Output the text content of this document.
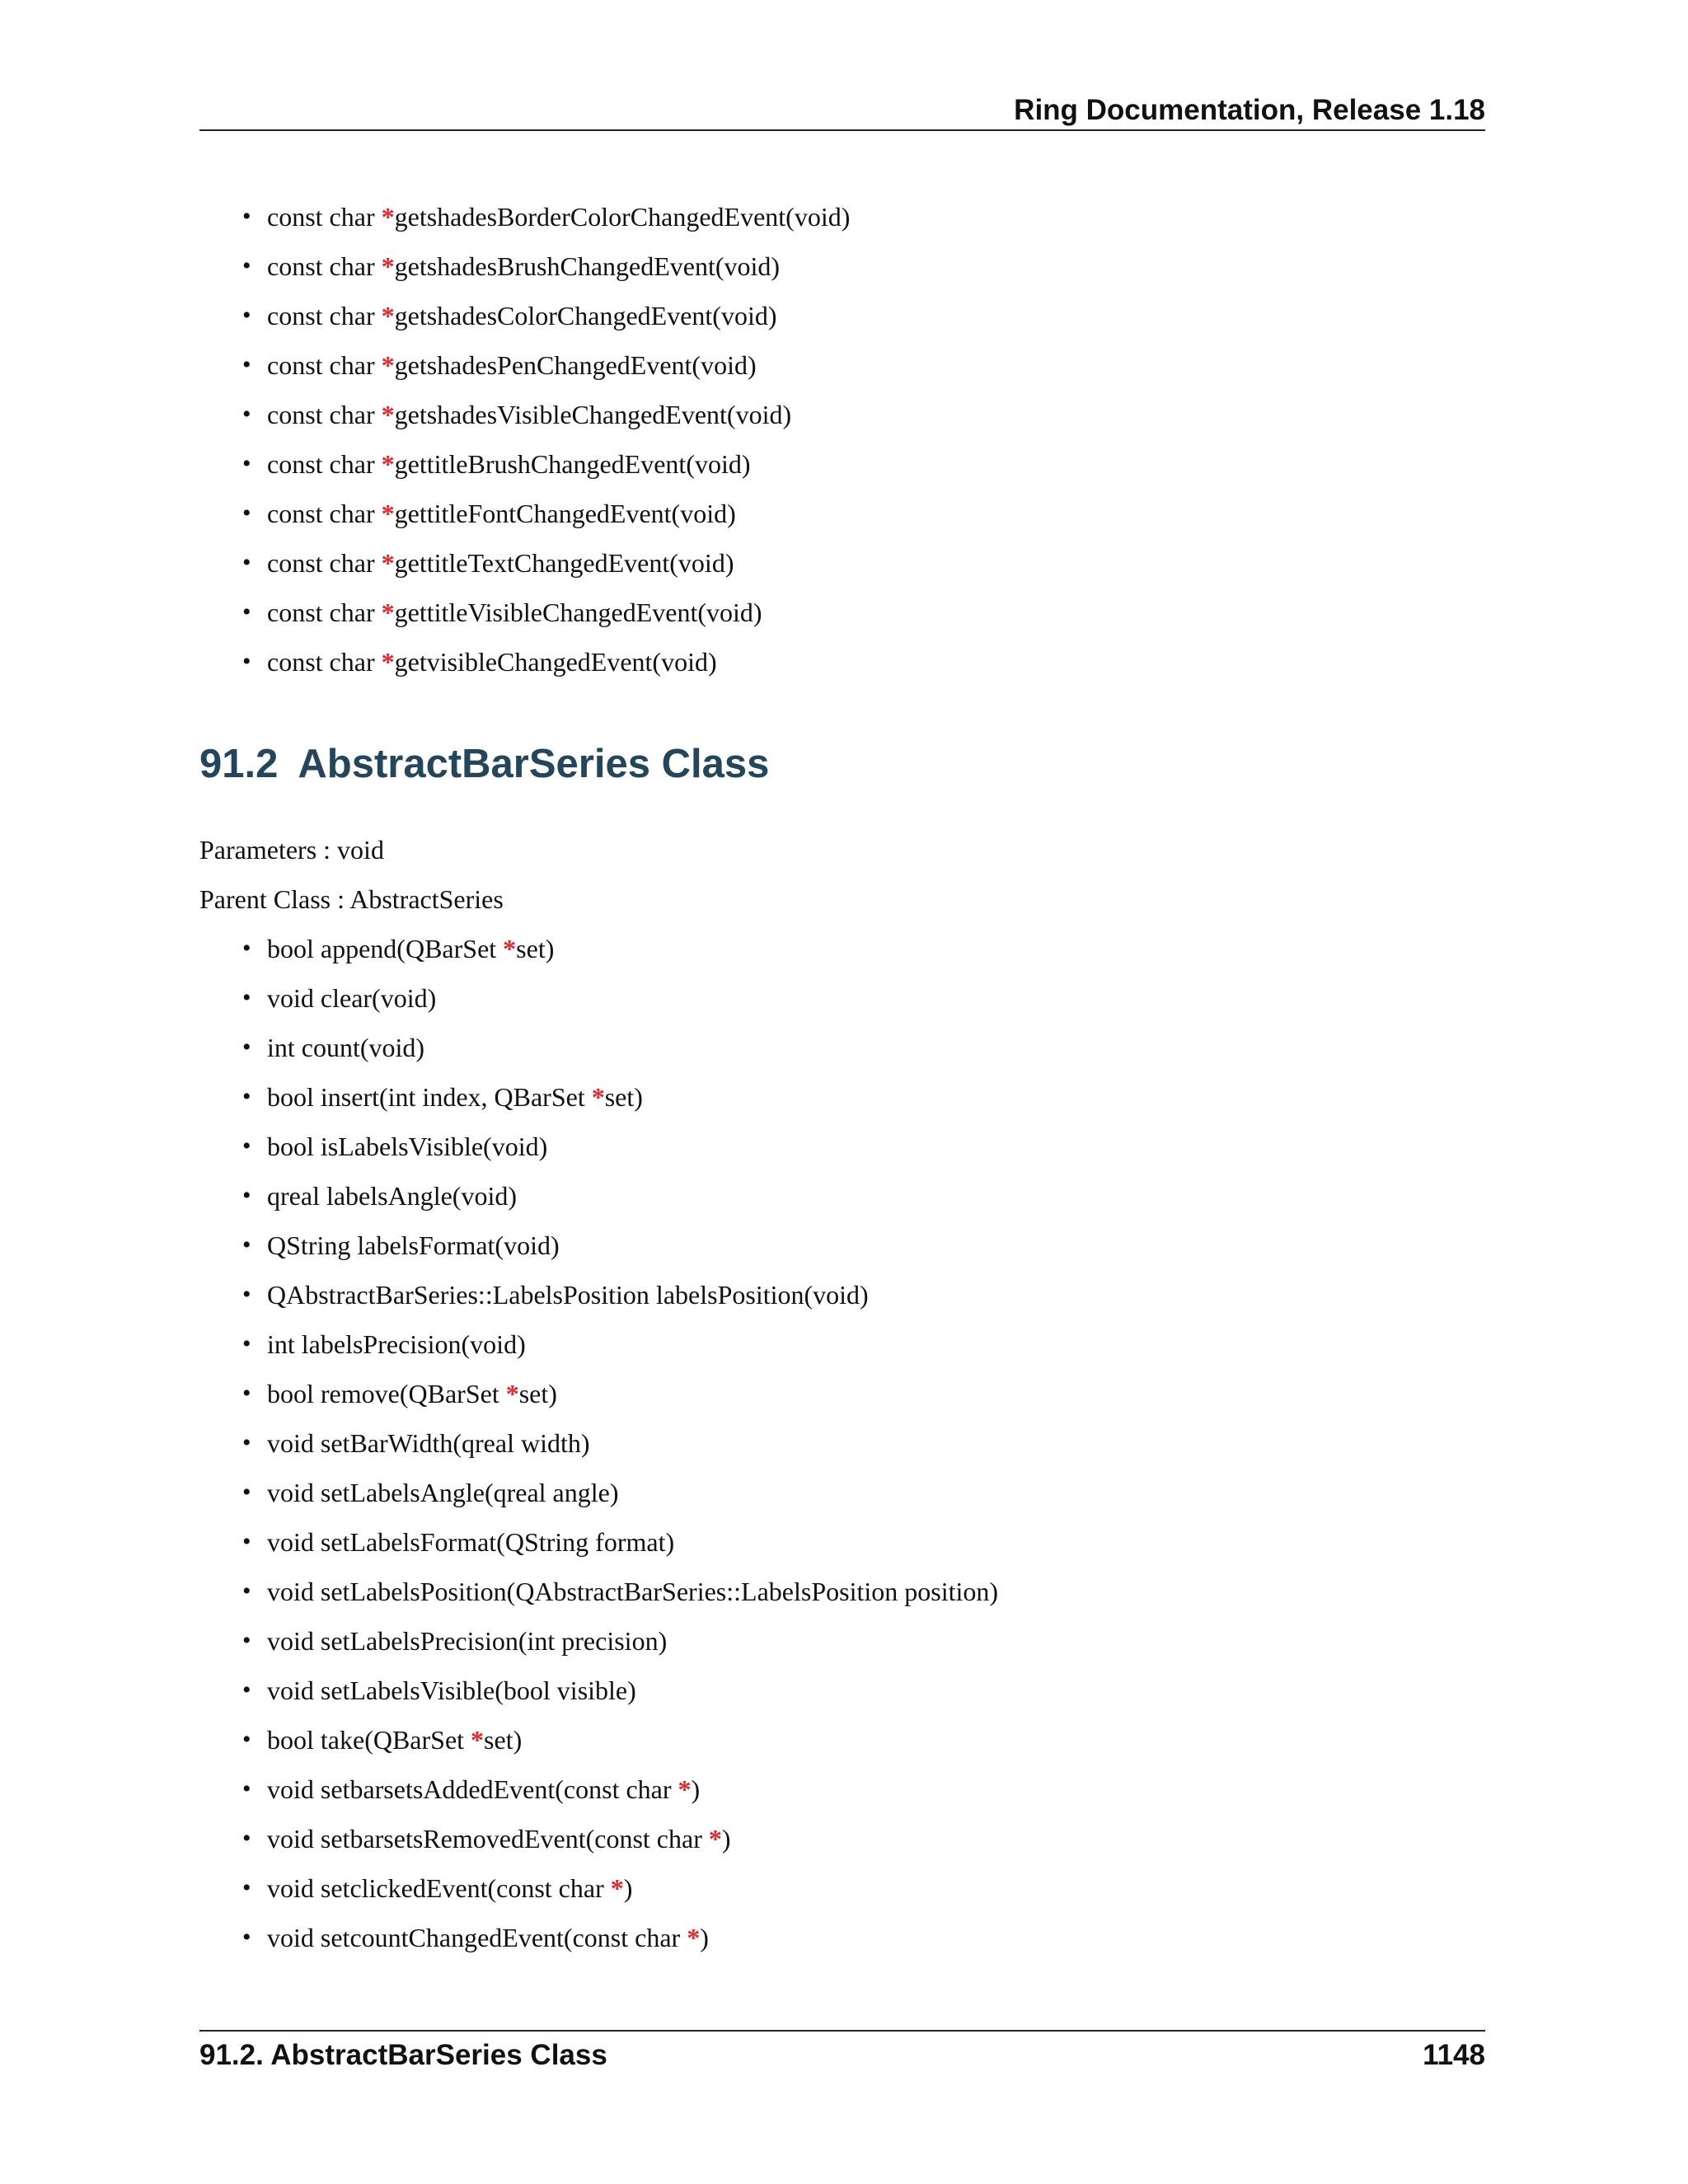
Ring Documentation, Release 1.18
• const char *getshadesBorderColorChangedEvent(void)
• const char *getshadesBrushChangedEvent(void)
• const char *getshadesColorChangedEvent(void)
• const char *getshadesPenChangedEvent(void)
• const char *getshadesVisibleChangedEvent(void)
• const char *gettitleBrushChangedEvent(void)
• const char *gettitleFontChangedEvent(void)
• const char *gettitleTextChangedEvent(void)
• const char *gettitleVisibleChangedEvent(void)
• const char *getvisibleChangedEvent(void)
91.2 AbstractBarSeries Class
Parameters : void
Parent Class : AbstractSeries
• bool append(QBarSet *set)
• void clear(void)
• int count(void)
• bool insert(int index, QBarSet *set)
• bool isLabelsVisible(void)
• qreal labelsAngle(void)
• QString labelsFormat(void)
• QAbstractBarSeries::LabelsPosition labelsPosition(void)
• int labelsPrecision(void)
• bool remove(QBarSet *set)
• void setBarWidth(qreal width)
• void setLabelsAngle(qreal angle)
• void setLabelsFormat(QString format)
• void setLabelsPosition(QAbstractBarSeries::LabelsPosition position)
• void setLabelsPrecision(int precision)
• void setLabelsVisible(bool visible)
• bool take(QBarSet *set)
• void setbarsetsAddedEvent(const char *)
• void setbarsetsRemovedEvent(const char *)
• void setclickedEvent(const char *)
• void setcountChangedEvent(const char *)
91.2. AbstractBarSeries Class	1148
